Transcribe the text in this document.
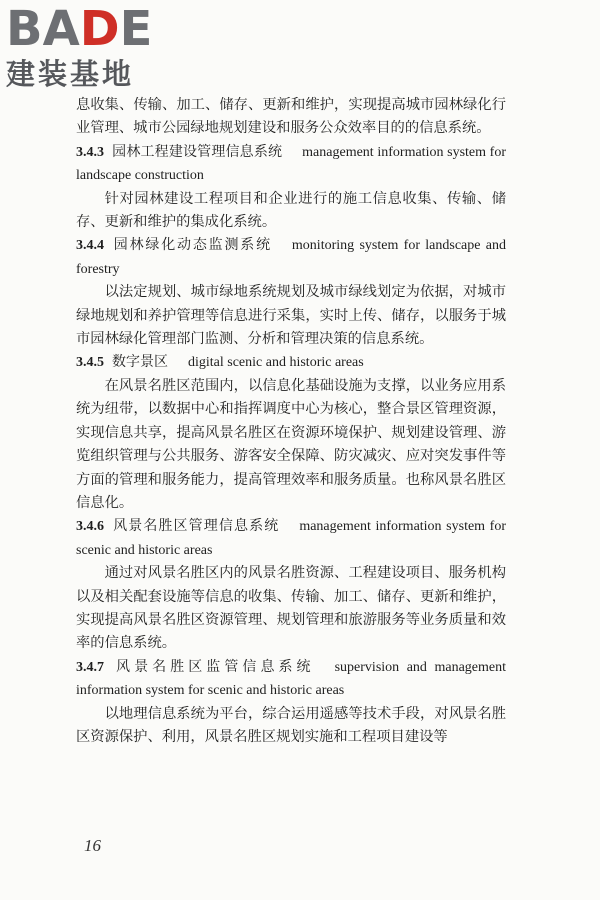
BADE
建装基地

息收集、传输、加工、储存、更新和维护，实现提高城市园林绿化行业管理、城市公园绿地规划建设和服务公众效率目的的信息系统。

3.4.3 园林工程建设管理信息系统 management information system for landscape construction

针对园林建设工程项目和企业进行的施工信息收集、传输、储存、更新和维护的集成化系统。

3.4.4 园林绿化动态监测系统 monitoring system for landscape and forestry

以法定规划、城市绿地系统规划及城市绿线划定为依据，对城市绿地规划和养护管理等信息进行采集，实时上传、储存，以服务于城市园林绿化管理部门监测、分析和管理决策的信息系统。

3.4.5 数字景区 digital scenic and historic areas

在风景名胜区范围内，以信息化基础设施为支撑，以业务应用系统为纽带，以数据中心和指挥调度中心为核心，整合景区管理资源，实现信息共享，提高风景名胜区在资源环境保护、规划建设管理、游览组织管理与公共服务、游客安全保障、防灾减灾、应对突发事件等方面的管理和服务能力，提高管理效率和服务质量。也称风景名胜区信息化。

3.4.6 风景名胜区管理信息系统 management information system for scenic and historic areas

通过对风景名胜区内的风景名胜资源、工程建设项目、服务机构以及相关配套设施等信息的收集、传输、加工、储存、更新和维护，实现提高风景名胜区资源管理、规划管理和旅游服务等业务质量和效率的信息系统。

3.4.7 风景名胜区监管信息系统 supervision and management information system for scenic and historic areas

以地理信息系统为平台，综合运用遥感等技术手段，对风景名胜区资源保护、利用，风景名胜区规划实施和工程项目建设等

16
